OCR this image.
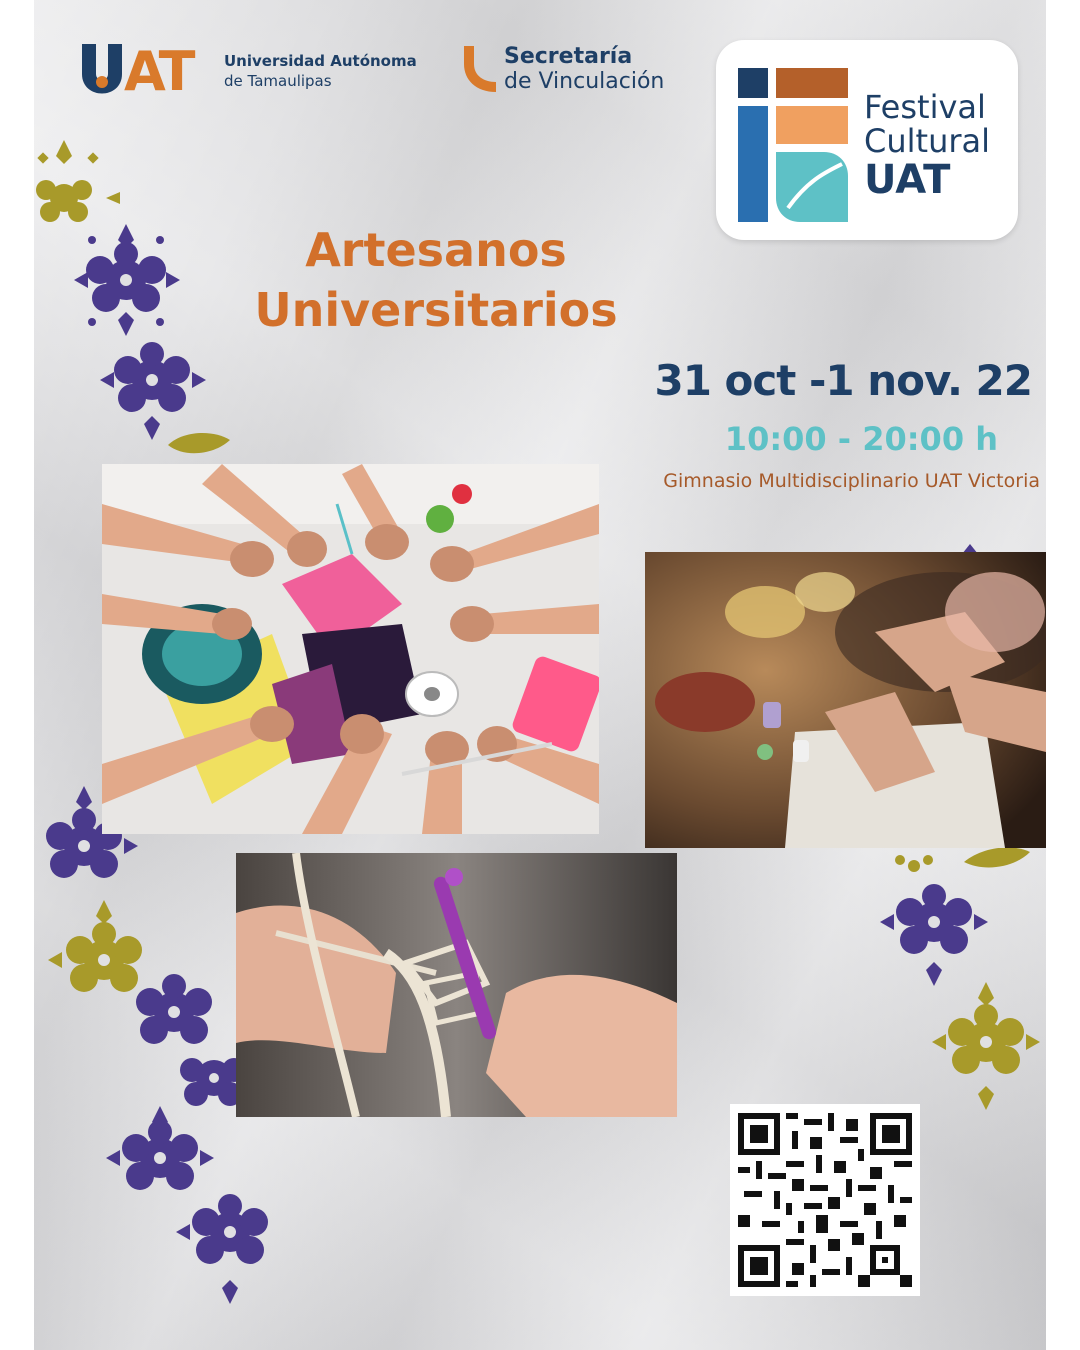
AT Universidad Autónoma
de Tamaulipas
Secretaría
de Vinculación
Festival
Cultural
UAT
Artesanos
Universitarios
31 oct -1 nov. 22
10:00 - 20:00 h
Gimnasio Multidisciplinario UAT Victoria
